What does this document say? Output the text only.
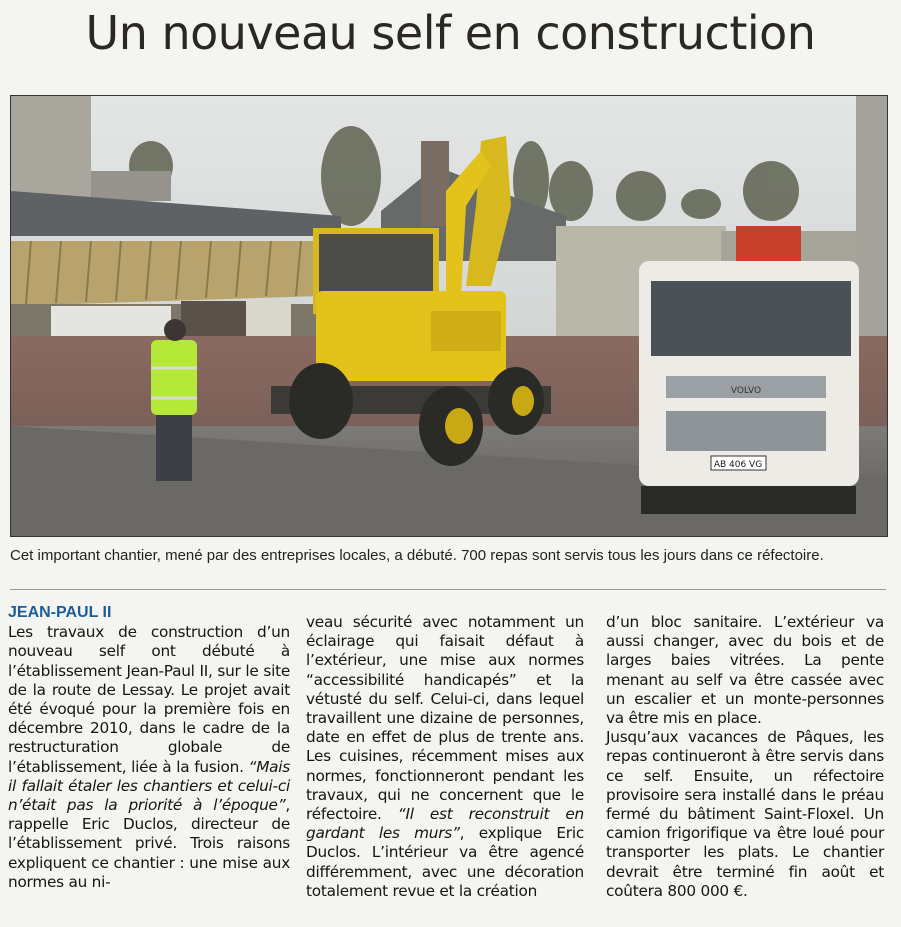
Un nouveau self en construction
VOLVO
AB 406 VG
Cet important chantier, mené par des entreprises locales, a débuté. 700 repas sont servis tous les jours dans ce réfectoire.
JEAN-PAUL II

Les travaux de construction d’un nouveau self ont débuté à l’établissement Jean-Paul II, sur le site de la route de Lessay. Le projet avait été évoqué pour la première fois en décembre 2010, dans le cadre de la restructuration globale de l’établissement, liée à la fusion. “Mais il fallait étaler les chantiers et celui-ci n’était pas la priorité à l’époque”, rappelle Eric Duclos, directeur de l’établissement privé. Trois raisons expliquent ce chantier : une mise aux normes au ni-

veau sécurité avec notamment un éclairage qui faisait défaut à l’extérieur, une mise aux normes “accessibilité handicapés” et la vétusté du self. Celui-ci, dans lequel travaillent une dizaine de personnes, date en effet de plus de trente ans. Les cuisines, récemment mises aux normes, fonctionneront pendant les travaux, qui ne concernent que le réfectoire. “Il est reconstruit en gardant les murs”, explique Eric Duclos. L’intérieur va être agencé différemment, avec une décoration totalement revue et la création

d’un bloc sanitaire. L’extérieur va aussi changer, avec du bois et de larges baies vitrées. La pente menant au self va être cassée avec un escalier et un monte-personnes va être mis en place.

Jusqu’aux vacances de Pâques, les repas continueront à être servis dans ce self. Ensuite, un réfectoire provisoire sera installé dans le préau fermé du bâtiment Saint-Floxel. Un camion frigorifique va être loué pour transporter les plats. Le chantier devrait être terminé fin août et coûtera 800 000 €.
